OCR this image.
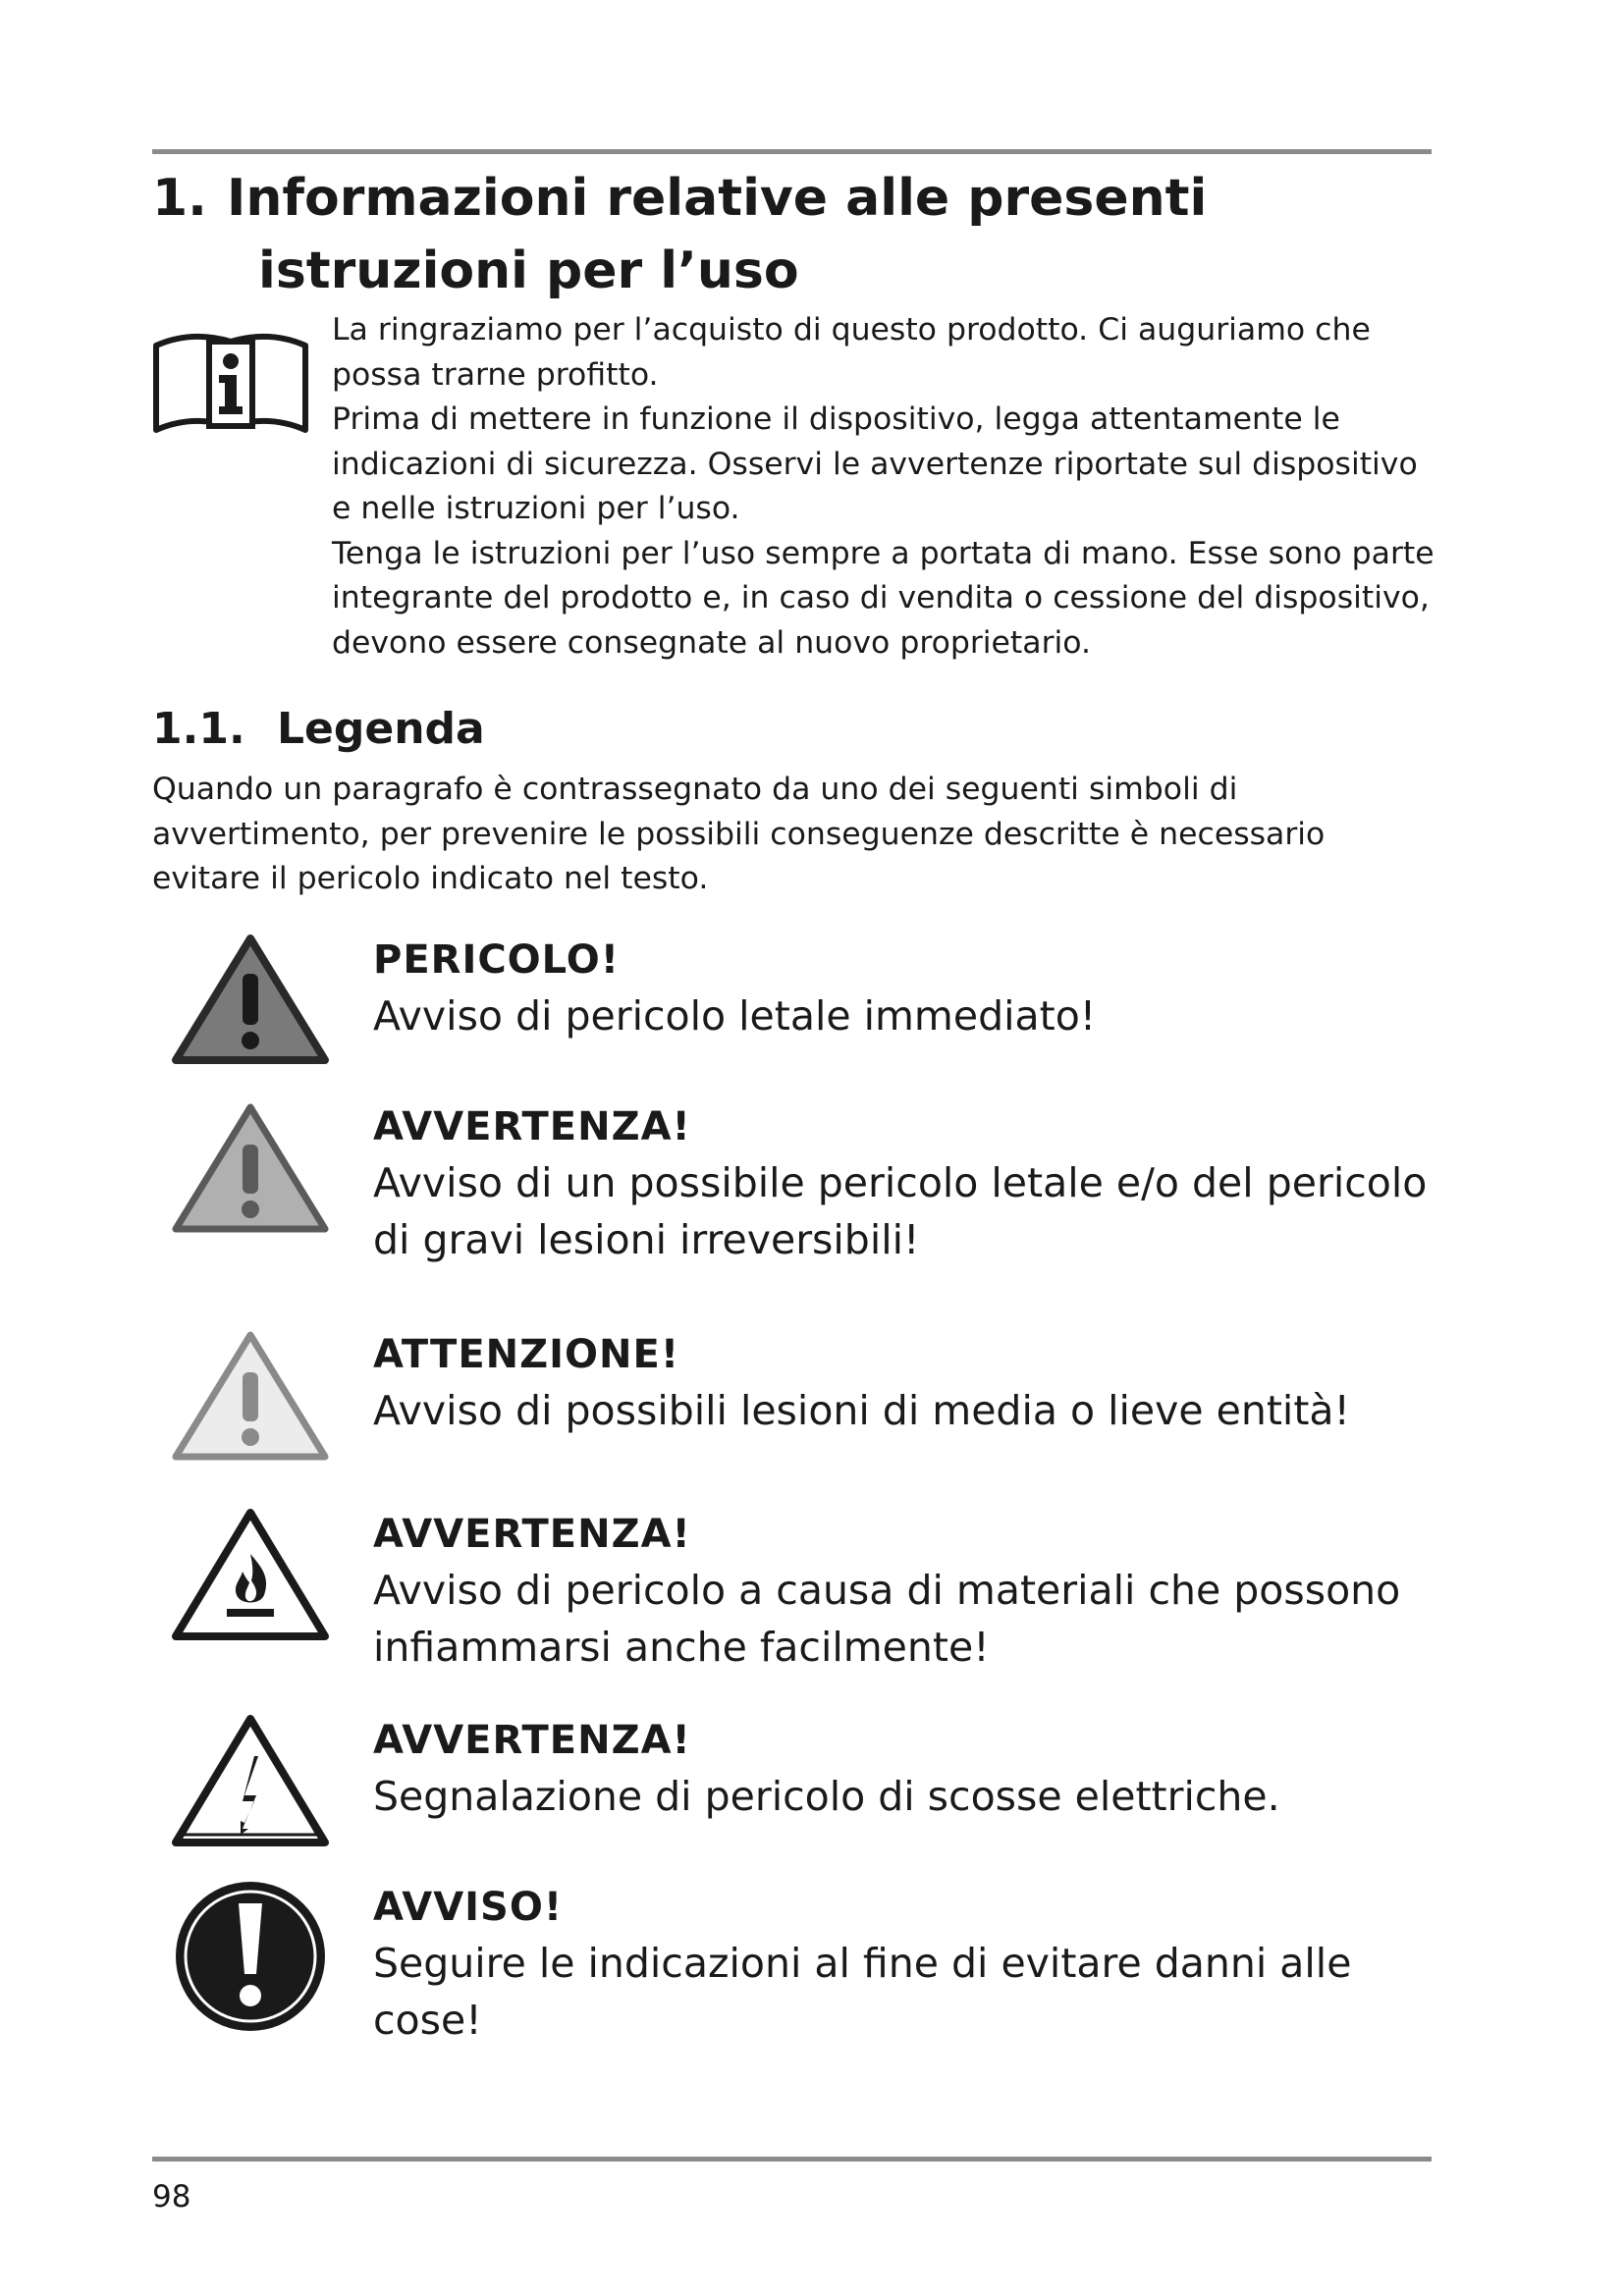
1. Informazioni relative alle presenti
istruzioni per l’uso

La ringraziamo per l’acquisto di questo prodotto. Ci auguriamo che possa trarne profitto.

Prima di mettere in funzione il dispositivo, legga attentamente le indicazioni di sicurezza. Osservi le avvertenze riportate sul dispositivo e nelle istruzioni per l’uso.

Tenga le istruzioni per l’uso sempre a portata di mano. Esse sono parte integrante del prodotto e, in caso di vendita o cessione del dispositivo, devono essere consegnate al nuovo proprietario.

1.1. Legenda

Quando un paragrafo è contrassegnato da uno dei seguenti simboli di avvertimento, per prevenire le possibili conseguenze descritte è necessario evitare il pericolo indicato nel testo.

PERICOLO!
Avviso di pericolo letale immediato!
AVVERTENZA!
Avviso di un possibile pericolo letale e/o del pericolo di gravi lesioni irreversibili!
ATTENZIONE!
Avviso di possibili lesioni di media o lieve entità!
AVVERTENZA!
Avviso di pericolo a causa di materiali che possono infiammarsi anche facilmente!
AVVERTENZA!
Segnalazione di pericolo di scosse elettriche.
AVVISO!
Seguire le indicazioni al fine di evitare danni alle cose!
98
